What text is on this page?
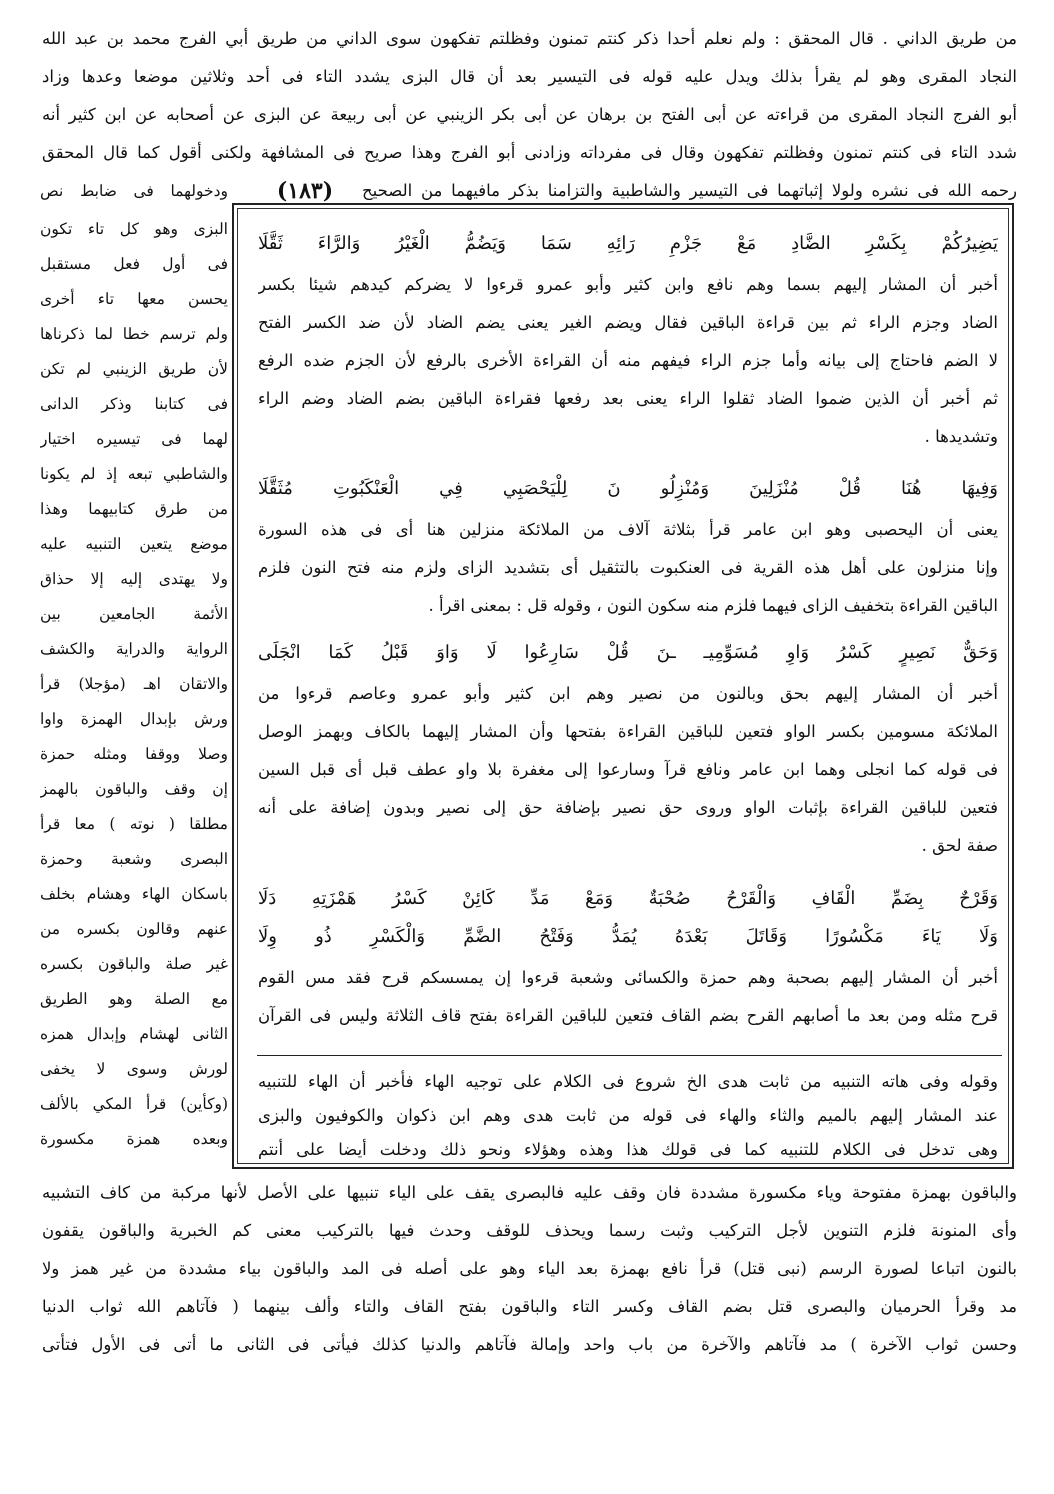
من طريق الداني . قال المحقق : ولم نعلم أحدا ذكر كنتم تمنون وفظلتم تفكهون سوى الداني من طريق أبي الفرج محمد بن عبد الله
النجاد المقرى وهو لم يقرأ بذلك ويدل عليه قوله فى التيسير بعد أن قال البزى يشدد التاء فى أحد وثلاثين موضعا وعدها وزاد
أبو الفرج النجاد المقرى من قراءته عن أبى الفتح بن برهان عن أبى بكر الزينبي عن أبى ربيعة عن البزى عن أصحابه عن ابن كثير أنه
شدد التاء فى كنتم تمنون وفظلتم تفكهون وقال فى مفرداته وزادنى أبو الفرج وهذا صريح فى المشافهة ولكنى أقول كما قال المحقق
رحمه الله فى نشره ولولا إثباتهما فى التيسير والشاطبية والتزامنا بذكر مافيهما من الصحيح
(١٨٣)
ودخولهما فى ضابط نص
يَضِيرُكُمْ بِكَسْرِ الضَّادِ مَعْ جَزْمِ رَائِهِ سَمَا وَيَضُمُّ الْغَيْرُ وَالرَّاءَ ثَقَّلَا
أخبر أن المشار إليهم بسما وهم نافع وابن كثير وأبو عمرو قرءوا لا يضركم كيدهم شيئا بكسر
الضاد وجزم الراء ثم بين قراءة الباقين فقال ويضم الغير يعنى يضم الضاد لأن ضد الكسر الفتح
لا الضم فاحتاج إلى بيانه وأما جزم الراء فيفهم منه أن القراءة الأخرى بالرفع لأن الجزم ضده الرفع
ثم أخبر أن الذين ضموا الضاد ثقلوا الراء يعنى بعد رفعها فقراءة الباقين بضم الضاد وضم الراء
وتشديدها .
وَفِيهَا هُنَا قُلْ مُنْزَلِينَ وَمُنْزِلُو نَ لِلْيَحْصَبِي فِي الْعَنْكَبُوتِ مُثَقَّلَا
يعنى أن اليحصبى وهو ابن عامر قرأ بثلاثة آلاف من الملائكة منزلين هنا أى فى هذه السورة
وإنا منزلون على أهل هذه القرية فى العنكبوت بالتثقيل أى بتشديد الزاى ولزم منه فتح النون فلزم
الباقين القراءة بتخفيف الزاى فيهما فلزم منه سكون النون ، وقوله قل : بمعنى اقرأ .
وَحَقٌّ نَصِيرٍ كَسْرُ وَاوِ مُسَوِّمِيـ ـنَ قُلْ سَارِعُوا لَا وَاوَ قَبْلُ كَمَا انْجَلَى
أخبر أن المشار إليهم بحق وبالنون من نصير وهم ابن كثير وأبو عمرو وعاصم قرءوا من
الملائكة مسومين بكسر الواو فتعين للباقين القراءة بفتحها وأن المشار إليهما بالكاف وبهمز الوصل
فى قوله كما انجلى وهما ابن عامر ونافع قرآ وسارعوا إلى مغفرة بلا واو عطف قبل أى قبل السين
فتعين للباقين القراءة بإثبات الواو وروى حق نصير بإضافة حق إلى نصير وبدون إضافة على أنه
صفة لحق .
وَقَرْحٌ بِضَمِّ الْقَافِ وَالْقَرْحُ صُحْبَةٌ وَمَعْ مَدِّ كَائِنْ كَسْرُ هَمْزَتِهِ دَلَا
وَلَا يَاءَ مَكْسُورًا وَقَاتَلَ بَعْدَهُ يُمَدُّ وَفَتْحُ الضَّمِّ وَالْكَسْرِ ذُو وِلَا
أخبر أن المشار إليهم بصحبة وهم حمزة والكسائى وشعبة قرءوا إن يمسسكم قرح فقد مس القوم
قرح مثله ومن بعد ما أصابهم القرح بضم القاف فتعين للباقين القراءة بفتح قاف الثلاثة وليس فى القرآن
وقوله وفى هاته التنبيه من ثابت هدى الخ شروع فى الكلام على توجيه الهاء فأخبر أن الهاء للتنبيه
عند المشار إليهم بالميم والثاء والهاء فى قوله من ثابت هدى وهم ابن ذكوان والكوفيون والبزى
وهى تدخل فى الكلام للتنبيه كما فى قولك هذا وهذه وهؤلاء ونحو ذلك ودخلت أيضا على أنتم
البزى وهو كل تاء تكون
فى أول فعل مستقبل
يحسن معها تاء أخرى
ولم ترسم خطا لما ذكرناها
لأن طريق الزينبي لم تكن
فى كتابنا وذكر الدانى
لهما فى تيسيره اختيار
والشاطبي تبعه إذ لم يكونا
من طرق كتابيهما وهذا
موضع يتعين التنبيه عليه
ولا يهتدى إليه إلا حذاق
الأئمة الجامعين بين
الرواية والدراية والكشف
والاتقان اهـ (مؤجلا) قرأ
ورش بإبدال الهمزة واوا
وصلا ووقفا ومثله حمزة
إن وقف والباقون بالهمز
مطلقا ( نوته ) معا قرأ
البصرى وشعبة وحمزة
باسكان الهاء وهشام بخلف
عنهم وقالون بكسره من
غير صلة والباقون بكسره
مع الصلة وهو الطريق
الثانى لهشام وإبدال همزه
لورش وسوى لا يخفى
(وكأين) قرأ المكي بالألف
وبعده همزة مكسورة
والباقون بهمزة مفتوحة وياء مكسورة مشددة فان وقف عليه فالبصرى يقف على الياء تنبيها على الأصل لأنها مركبة من كاف التشبيه
وأى المنونة فلزم التنوين لأجل التركيب وثبت رسما ويحذف للوقف وحدث فيها بالتركيب معنى كم الخبرية والباقون يقفون
بالنون اتباعا لصورة الرسم (نبى قتل) قرأ نافع بهمزة بعد الياء وهو على أصله فى المد والباقون بياء مشددة من غير همز ولا
مد وقرأ الحرميان والبصرى قتل بضم القاف وكسر التاء والباقون بفتح القاف والتاء وألف بينهما ( فآتاهم الله ثواب الدنيا
وحسن ثواب الآخرة ) مد فآتاهم والآخرة من باب واحد وإمالة فآتاهم والدنيا كذلك فيأتى فى الثانى ما أتى فى الأول فتأتى
